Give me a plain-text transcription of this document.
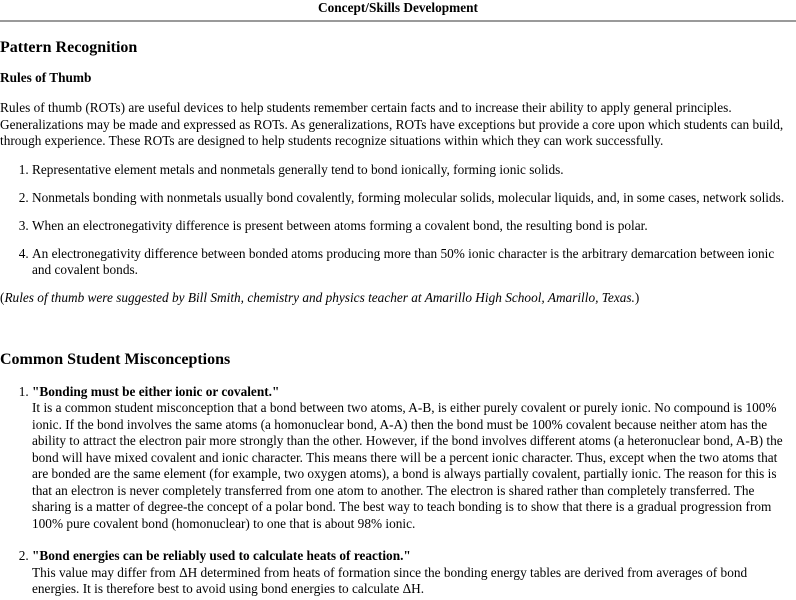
Concept/Skills Development
Pattern Recognition
Rules of Thumb

Rules of thumb (ROTs) are useful devices to help students remember certain facts and to increase their ability to apply general principles. Generalizations may be made and expressed as ROTs. As generalizations, ROTs have exceptions but provide a core upon which students can build, through experience. These ROTs are designed to help students recognize situations within which they can work successfully.

1. Representative element metals and nonmetals generally tend to bond ionically, forming ionic solids.
2. Nonmetals bonding with nonmetals usually bond covalently, forming molecular solids, molecular liquids, and, in some cases, network solids.
3. When an electronegativity difference is present between atoms forming a covalent bond, the resulting bond is polar.
4. An electronegativity difference between bonded atoms producing more than 50% ionic character is the arbitrary demarcation between ionic and covalent bonds.

(Rules of thumb were suggested by Bill Smith, chemistry and physics teacher at Amarillo High School, Amarillo, Texas.)

Common Student Misconceptions
1. "Bonding must be either ionic or covalent."
It is a common student misconception that a bond between two atoms, A-B, is either purely covalent or purely ionic. No compound is 100% ionic. If the bond involves the same atoms (a homonuclear bond, A-A) then the bond must be 100% covalent because neither atom has the ability to attract the electron pair more strongly than the other. However, if the bond involves different atoms (a heteronuclear bond, A-B) the bond will have mixed covalent and ionic character. This means there will be a percent ionic character. Thus, except when the two atoms that are bonded are the same element (for example, two oxygen atoms), a bond is always partially covalent, partially ionic. The reason for this is that an electron is never completely transferred from one atom to another. The electron is shared rather than completely transferred. The sharing is a matter of degree-the concept of a polar bond. The best way to teach bonding is to show that there is a gradual progression from 100% pure covalent bond (homonuclear) to one that is about 98% ionic.
2. "Bond energies can be reliably used to calculate heats of reaction."
This value may differ from ΔH determined from heats of formation since the bonding energy tables are derived from averages of bond energies. It is therefore best to avoid using bond energies to calculate ΔH.
